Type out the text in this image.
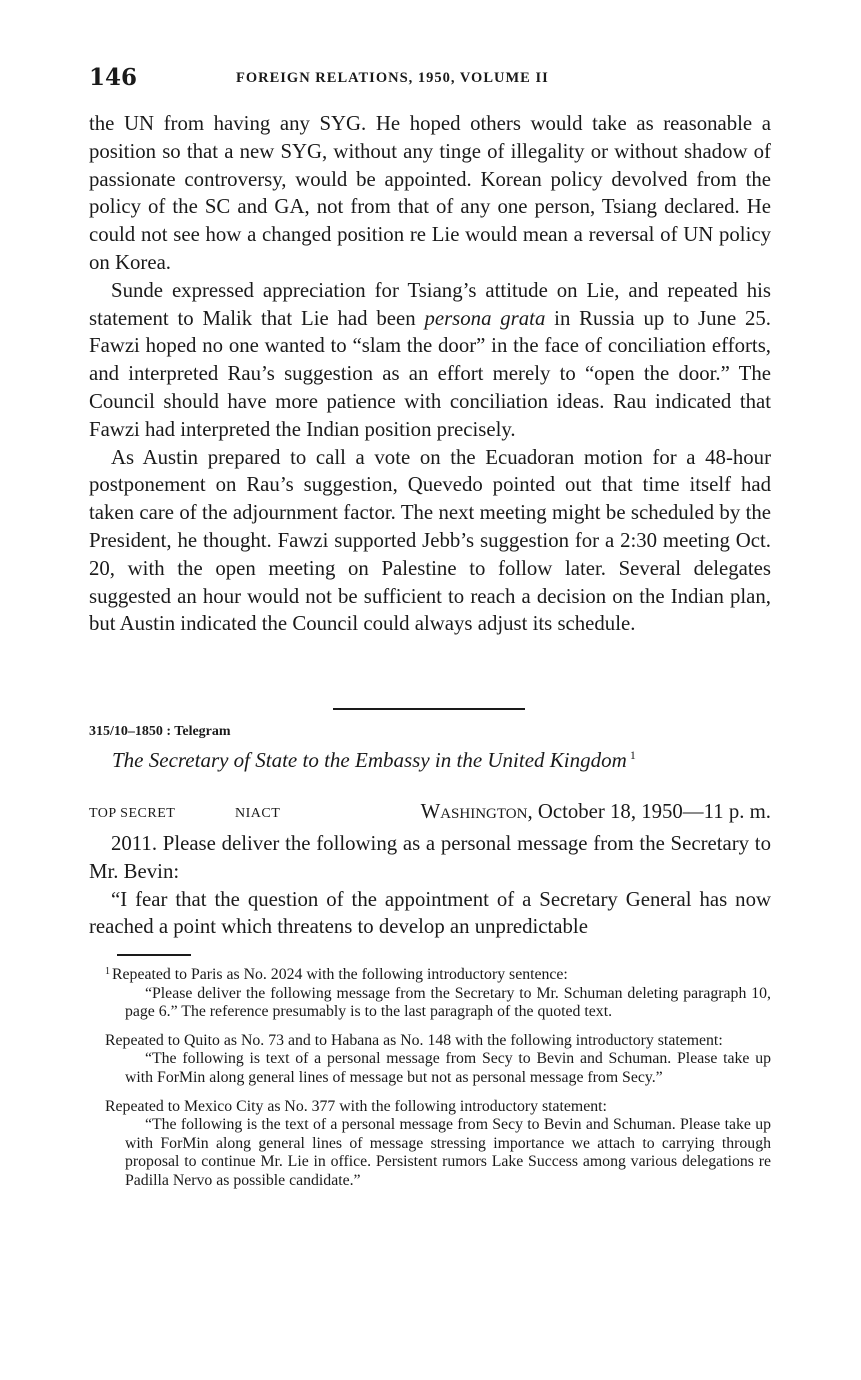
146	FOREIGN RELATIONS, 1950, VOLUME II

the UN from having any SYG. He hoped others would take as reasonable a position so that a new SYG, without any tinge of illegality or without shadow of passionate controversy, would be appointed. Korean policy devolved from the policy of the SC and GA, not from that of any one person, Tsiang declared. He could not see how a changed position re Lie would mean a reversal of UN policy on Korea.

Sunde expressed appreciation for Tsiang’s attitude on Lie, and repeated his statement to Malik that Lie had been persona grata in Russia up to June 25. Fawzi hoped no one wanted to “slam the door” in the face of conciliation efforts, and interpreted Rau’s suggestion as an effort merely to “open the door.” The Council should have more patience with conciliation ideas. Rau indicated that Fawzi had interpreted the Indian position precisely.

As Austin prepared to call a vote on the Ecuadoran motion for a 48-hour postponement on Rau’s suggestion, Quevedo pointed out that time itself had taken care of the adjournment factor. The next meeting might be scheduled by the President, he thought. Fawzi supported Jebb’s suggestion for a 2:30 meeting Oct. 20, with the open meeting on Palestine to follow later. Several delegates suggested an hour would not be sufficient to reach a decision on the Indian plan, but Austin indicated the Council could always adjust its schedule.

315/10–1850 : Telegram
The Secretary of State to the Embassy in the United Kingdom $^1$
TOP SECRET	NIACT	Washington, October 18, 1950—11 p. m.

2011. Please deliver the following as a personal message from the Secretary to Mr. Bevin:

“I fear that the question of the appointment of a Secretary General has now reached a point which threatens to develop an unpredictable

$^1$ Repeated to Paris as No. 2024 with the following introductory sentence:

“Please deliver the following message from the Secretary to Mr. Schuman deleting paragraph 10, page 6.” The reference presumably is to the last paragraph of the quoted text.

Repeated to Quito as No. 73 and to Habana as No. 148 with the following introductory statement:

“The following is text of a personal message from Secy to Bevin and Schuman. Please take up with ForMin along general lines of message but not as personal message from Secy.”

Repeated to Mexico City as No. 377 with the following introductory statement:

“The following is the text of a personal message from Secy to Bevin and Schuman. Please take up with ForMin along general lines of message stressing importance we attach to carrying through proposal to continue Mr. Lie in office. Persistent rumors Lake Success among various delegations re Padilla Nervo as possible candidate.”
